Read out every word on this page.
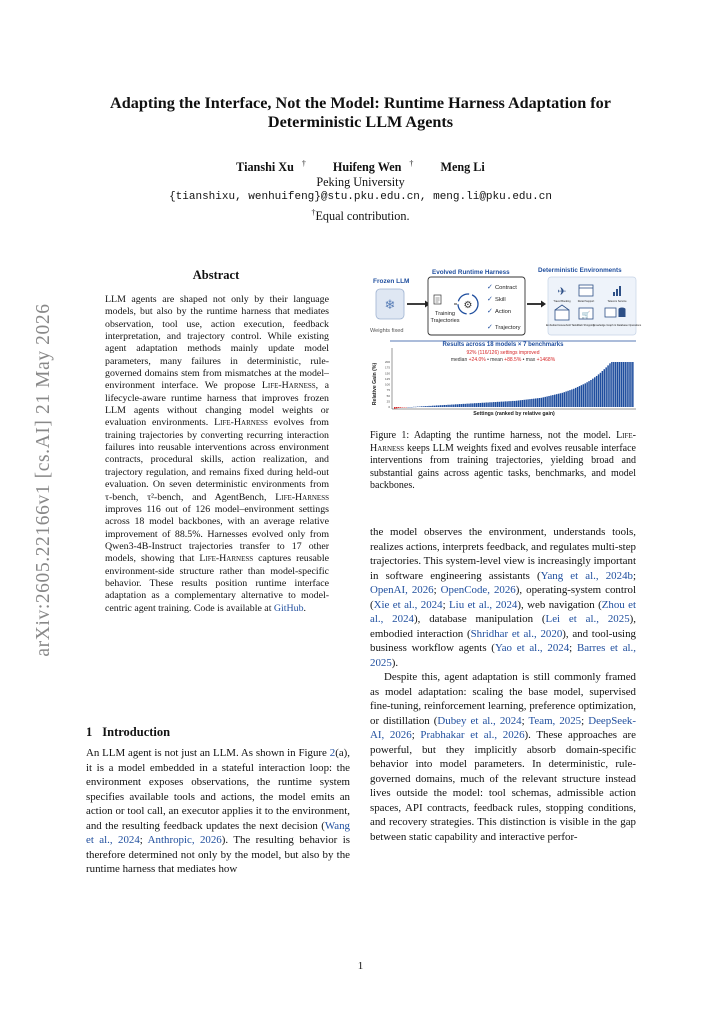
arXiv:2605.22166v1 [cs.AI] 21 May 2026
Adapting the Interface, Not the Model: Runtime Harness Adaptation for
Deterministic LLM Agents
Tianshi Xu † Huifeng Wen † Meng Li
Peking University
{tianshixu, wenhuifeng}@stu.pku.edu.cn, meng.li@pku.edu.cn
†Equal contribution.
Abstract
LLM agents are shaped not only by their language models, but also by the runtime harness that mediates observation, tool use, action execution, feedback interpretation, and trajectory control. While existing agent adaptation methods mainly update model parameters, many failures in deterministic, rule-governed domains stem from mismatches at the model–environment interface. We propose Life-Harness, a lifecycle-aware runtime harness that improves frozen LLM agents without changing model weights or evaluation environments. Life-Harness evolves from training trajectories by converting recurring interaction failures into reusable interventions across environment contracts, procedural skills, action realization, and trajectory regulation, and remains fixed during held-out evaluation. On seven deterministic environments from τ-bench, τ²-bench, and AgentBench, Life-Harness improves 116 out of 126 model–environment settings across 18 model backbones, with an average relative improvement of 88.5%. Harnesses evolved only from Qwen3-4B-Instruct trajectories transfer to 17 other models, showing that Life-Harness captures reusable environment-side structure rather than model-specific behavior. These results position runtime interface adaptation as a complementary alternative to model-centric agent training. Code is available at GitHub.
1 Introduction
An LLM agent is not just an LLM. As shown in Figure 2(a), it is a model embedded in a stateful interaction loop: the environment exposes observations, the runtime system specifies available tools and actions, the model emits an action or tool call, an executor applies it to the environment, and the resulting feedback updates the next decision (Wang et al., 2024; Anthropic, 2026). The resulting behavior is therefore determined not only by the model, but also by the runtime harness that mediates how
Frozen LLM
❄
Weights fixed
Evolved Runtime Harness
Training Trajectories
⚙
✓ Contract
✓ Skill
✓ Action
✓ Trajectory
Deterministic Environments
✈
🛒
Travel Booking	Retail Support	Telecom Service
Embodied Household Tasks Web Shopping
Knowledge Graph & Database Operations
Results across 18 models × 7 benchmarks
92% (116/126) settings improved
median +24.0% • mean +88.5% • max +1468%
Relative Gain (%)
200
175
150
125
100
75
50
25
0
Settings (ranked by relative gain)
Figure 1: Adapting the runtime harness, not the model. Life-Harness keeps LLM weights fixed and evolves reusable interface interventions from training trajectories, yielding broad and substantial gains across agentic tasks, benchmarks, and model backbones.

the model observes the environment, understands tools, realizes actions, interprets feedback, and regulates multi-step trajectories. This system-level view is increasingly important in software engineering assistants (Yang et al., 2024b; OpenAI, 2026; OpenCode, 2026), operating-system control (Xie et al., 2024; Liu et al., 2024), web navigation (Zhou et al., 2024), database manipulation (Lei et al., 2025), embodied interaction (Shridhar et al., 2020), and tool-using business workflow agents (Yao et al., 2024; Barres et al., 2025).

Despite this, agent adaptation is still commonly framed as model adaptation: scaling the base model, supervised fine-tuning, reinforcement learning, preference optimization, or distillation (Dubey et al., 2024; Team, 2025; DeepSeek-AI, 2026; Prabhakar et al., 2026). These approaches are powerful, but they implicitly absorb domain-specific behavior into model parameters. In deterministic, rule-governed domains, much of the relevant structure instead lives outside the model: tool schemas, admissible action spaces, API contracts, feedback rules, stopping conditions, and recovery strategies. This distinction is visible in the gap between static capability and interactive perfor-

1
